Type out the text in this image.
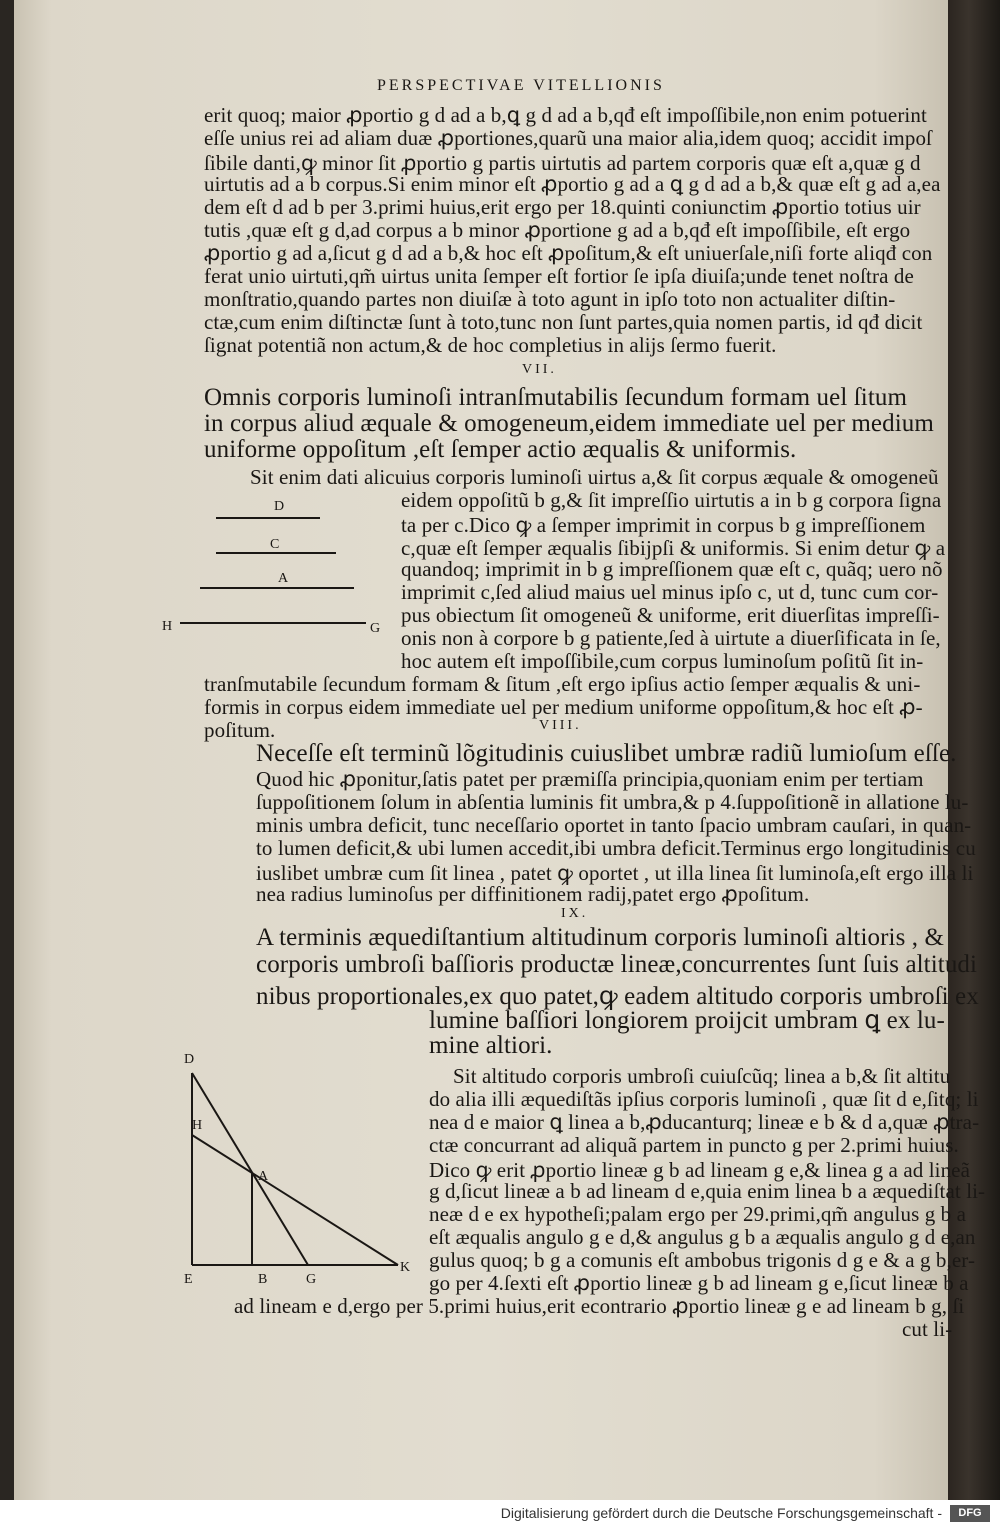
PERSPECTIVAE VITELLIONIS
erit quoq; maior ꝓportio g d ad a b,ꝗ g d ad a b,qđ eſt impoſſibile,non enim potuerint
eſſe unius rei ad aliam duæ ꝓportiones,quarũ una maior alia,idem quoq; accidit impoſ
ſibile danti,ꝙ minor ſit ꝓportio g partis uirtutis ad partem corporis quæ eſt a,quæ g d
uirtutis ad a b corpus.Si enim minor eſt ꝓportio g ad a ꝗ g d ad a b,& quæ eſt g ad a,ea
dem eſt d ad b per 3.primi huius,erit ergo per 18.quinti coniunctim ꝓportio totius uir
tutis ,quæ eſt g d,ad corpus a b minor ꝓportione g ad a b,qđ eſt impoſſibile, eſt ergo
ꝓportio g ad a,ſicut g d ad a b,& hoc eſt ꝓpoſitum,& eſt uniuerſale,niſi forte aliqđ con
ferat unio uirtuti,qm̃ uirtus unita ſemper eſt fortior ſe ipſa diuiſa;unde tenet noſtra de
monſtratio,quando partes non diuiſæ à toto agunt in ipſo toto non actualiter diſtin-
ctæ,cum enim diſtinctæ ſunt à toto,tunc non ſunt partes,quia nomen partis, id qđ dicit
ſignat potentiã non actum,& de hoc completius in alijs ſermo fuerit.
VII.
Omnis corporis luminoſi intranſmutabilis ſecundum formam uel ſitum
in corpus aliud æquale & omogeneum,eidem immediate uel per medium
uniforme oppoſitum ,eſt ſemper actio æqualis & uniformis.
Sit enim dati alicuius corporis luminoſi uirtus a,& ſit corpus æquale & omogeneũ
eidem oppoſitũ b g,& ſit impreſſio uirtutis a in b g corpora ſigna
ta per c.Dico ꝙ a ſemper imprimit in corpus b g impreſſionem
c,quæ eſt ſemper æqualis ſibijpſi & uniformis. Si enim detur ꝙ a
quandoq; imprimit in b g impreſſionem quæ eſt c, quãq; uero nõ
imprimit c,ſed aliud maius uel minus ipſo c, ut d, tunc cum cor-
pus obiectum ſit omogeneũ & uniforme, erit diuerſitas impreſſi-
onis non à corpore b g patiente,ſed à uirtute a diuerſificata in ſe,
hoc autem eſt impoſſibile,cum corpus luminoſum poſitũ ſit in-
tranſmutabile ſecundum formam & ſitum ,eſt ergo ipſius actio ſemper æqualis & uni-
formis in corpus eidem immediate uel per medium uniforme oppoſitum,& hoc eſt ꝓ-
poſitum.
D
C
A
H	G
VIII.
Neceſſe eſt terminũ lõgitudinis cuiuslibet umbræ radiũ lumioſum eſſe.
Quod hic ꝓponitur,ſatis patet per præmiſſa principia,quoniam enim per tertiam
ſuppoſitionem ſolum in abſentia luminis fit umbra,& p 4.ſuppoſitionẽ in allatione lu-
minis umbra deficit, tunc neceſſario oportet in tanto ſpacio umbram cauſari, in quan-
to lumen deficit,& ubi lumen accedit,ibi umbra deficit.Terminus ergo longitudinis cu
iuslibet umbræ cum ſit linea , patet ꝙ oportet , ut illa linea ſit luminoſa,eſt ergo illa li
nea radius luminoſus per diffinitionem radij,patet ergo ꝓpoſitum.
IX.
A terminis æquediſtantium altitudinum corporis luminoſi altioris , &
corporis umbroſi baſſioris productæ lineæ,concurrentes ſunt ſuis altitudi
nibus proportionales,ex quo patet,ꝙ eadem altitudo corporis umbroſi ex
lumine baſſiori longiorem proijcit umbram ꝗ ex lu-
mine altiori.
Sit altitudo corporis umbroſi cuiuſcũq; linea a b,& ſit altitu
do alia illi æquediſtãs ipſius corporis luminoſi , quæ ſit d e,ſitq; li
nea d e maior ꝗ linea a b,ꝓducanturq; lineæ e b & d a,quæ ꝓtra-
ctæ concurrant ad aliquã partem in puncto g per 2.primi huius.
Dico ꝙ erit ꝓportio lineæ g b ad lineam g e,& linea g a ad lineã
g d,ſicut lineæ a b ad lineam d e,quia enim linea b a æquediſtat li-
neæ d e ex hypotheſi;palam ergo per 29.primi,qm̃ angulus g b a
eſt æqualis angulo g e d,& angulus g b a æqualis angulo g d e,an
gulus quoq; b g a comunis eſt ambobus trigonis d g e & a g b,er-
go per 4.ſexti eſt ꝓportio lineæ g b ad lineam g e,ſicut lineæ b a
ad lineam e d,ergo per 5.primi huius,erit econtrario ꝓportio lineæ g e ad lineam b g, ſi
cut li-
D
H
A
E	B	G
K
Digitalisierung gefördert durch die Deutsche Forschungsgemeinschaft -	DFG
